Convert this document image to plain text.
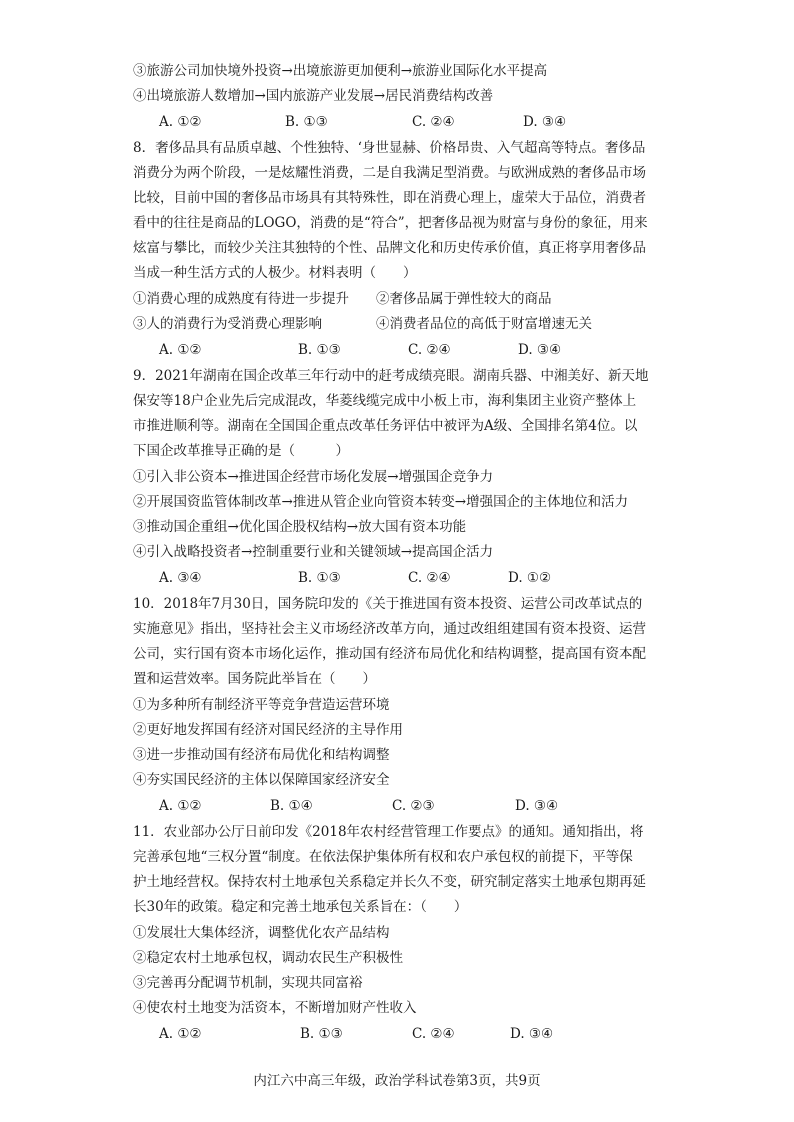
③旅游公司加快境外投资→出境旅游更加便利→旅游业国际化水平提高
④出境旅游人数增加→国内旅游产业发展→居民消费结构改善
A. ①②	B. ①③	C. ②④	D. ③④
8．奢侈品具有品质卓越、个性独特、‘身世显赫、价格昂贵、入气超高等特点。奢侈品
消费分为两个阶段，一是炫耀性消费，二是自我满足型消费。与欧洲成熟的奢侈品市场
比较，目前中国的奢侈品市场具有其特殊性，即在消费心理上，虚荣大于品位，消费者
看中的往往是商品的LOGO，消费的是“符合”，把奢侈品视为财富与身份的象征，用来
炫富与攀比，而较少关注其独特的个性、品牌文化和历史传承价值，真正将享用奢侈品
当成一种生活方式的人极少。材料表明（　　）
①消费心理的成熟度有待进一步提升　　②奢侈品属于弹性较大的商品
③人的消费行为受消费心理影响　　　　④消费者品位的高低于财富增速无关
A. ①②	B. ①③	C. ②④	D. ③④
9．2021年湖南在国企改革三年行动中的赶考成绩亮眼。湖南兵器、中湘美好、新天地
保安等18户企业先后完成混改，华菱线缆完成中小板上市，海利集团主业资产整体上
市推进顺利等。湖南在全国国企重点改革任务评估中被评为A级、全国排名第4位。以
下国企改革推导正确的是（　　　）
①引入非公资本→推进国企经营市场化发展→增强国企竞争力
②开展国资监管体制改革→推进从管企业向管资本转变→增强国企的主体地位和活力
③推动国企重组→优化国企股权结构→放大国有资本功能
④引入战略投资者→控制重要行业和关键领域→提高国企活力
A. ③④	B. ①③	C. ②④	D. ①②
10．2018年7月30日，国务院印发的《关于推进国有资本投资、运营公司改革试点的
实施意见》指出，坚持社会主义市场经济改革方向，通过改组组建国有资本投资、运营
公司，实行国有资本市场化运作，推动国有经济布局优化和结构调整，提高国有资本配
置和运营效率。国务院此举旨在（　　）
①为多种所有制经济平等竞争营造运营环境
②更好地发挥国有经济对国民经济的主导作用
③进一步推动国有经济布局优化和结构调整
④夯实国民经济的主体以保障国家经济安全
A. ①②	B. ①④	C. ②③	D. ③④
11．农业部办公厅日前印发《2018年农村经营管理工作要点》的通知。通知指出，将
完善承包地“三权分置“制度。在依法保护集体所有权和农户承包权的前提下，平等保
护土地经营权。保持农村土地承包关系稳定并长久不变，研究制定落实土地承包期再延
长30年的政策。稳定和完善土地承包关系旨在：（　　）
①发展壮大集体经济，调整优化农产品结构
②稳定农村土地承包权，调动农民生产积极性
③完善再分配调节机制，实现共同富裕
④使农村土地变为活资本，不断增加财产性收入
A. ①②	B. ①③	C. ②④	D. ③④
内江六中高三年级，政治学科试卷第3页，共9页
